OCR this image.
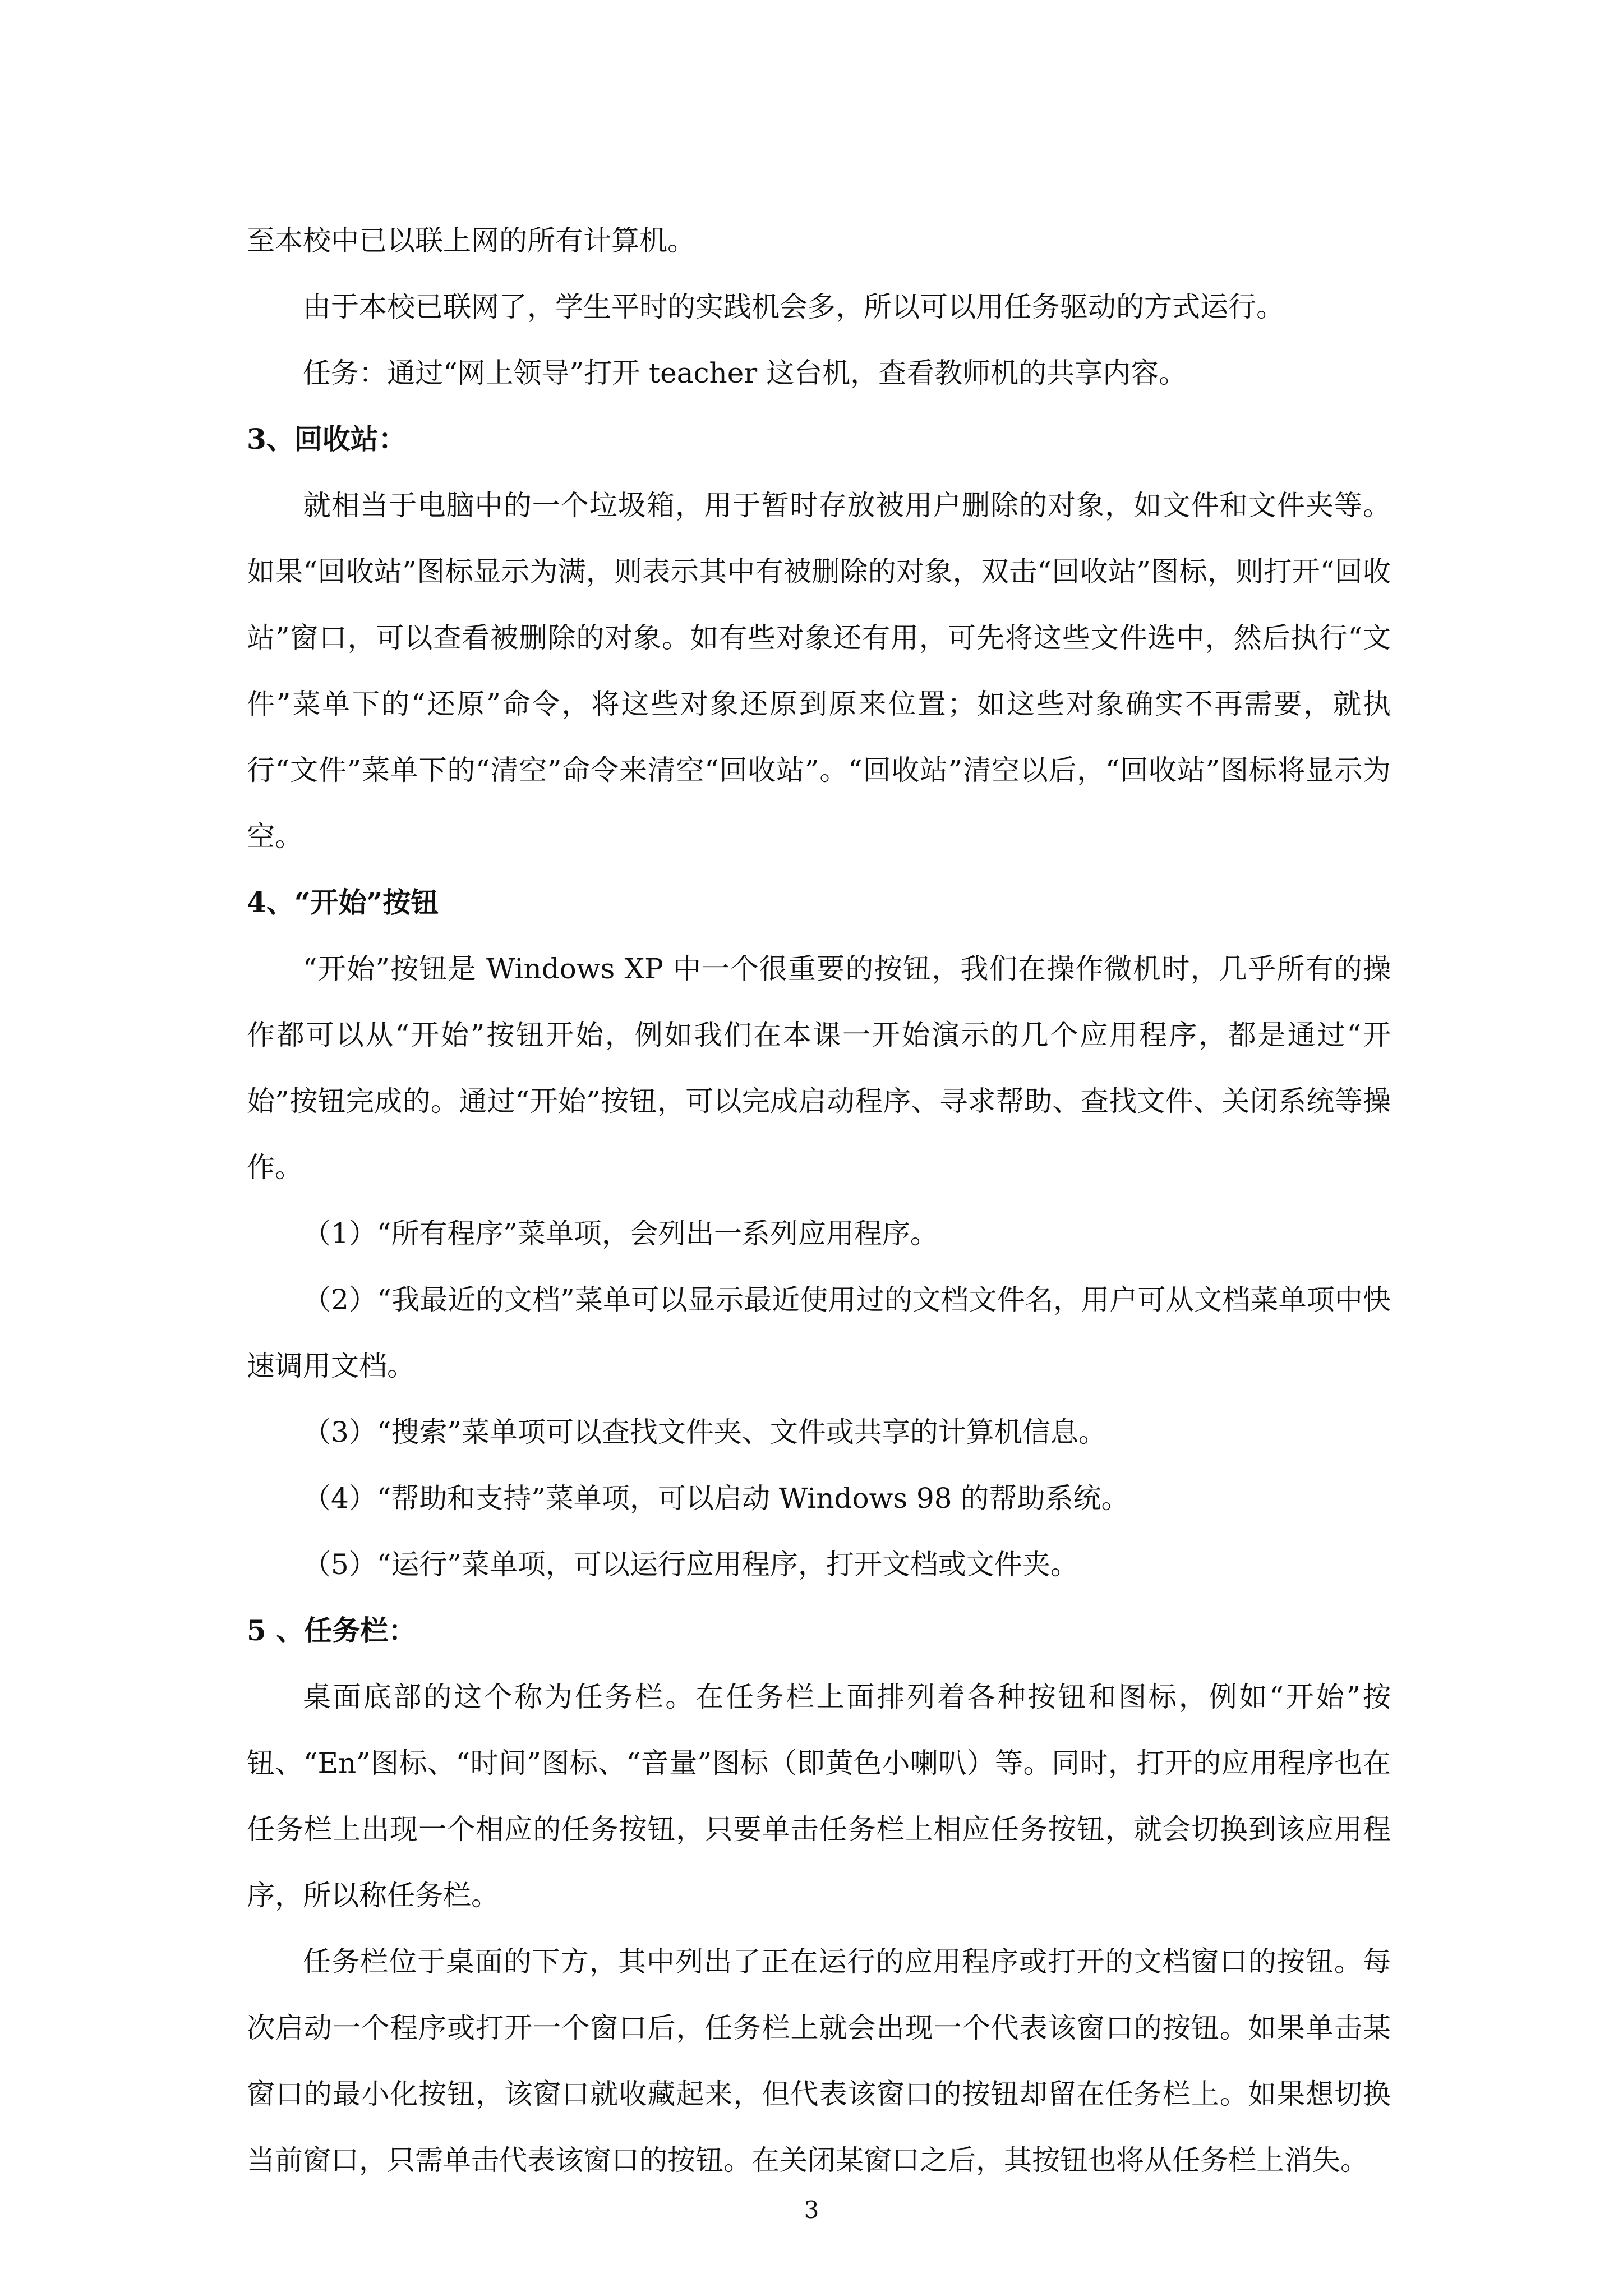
至本校中已以联上网的所有计算机。

由于本校已联网了，学生平时的实践机会多，所以可以用任务驱动的方式运行。

任务：通过“网上领导”打开 teacher 这台机，查看教师机的共享内容。

3、回收站：

就相当于电脑中的一个垃圾箱，用于暂时存放被用户删除的对象，如文件和文件夹等。如果“回收站”图标显示为满，则表示其中有被删除的对象，双击“回收站”图标，则打开“回收站”窗口，可以查看被删除的对象。如有些对象还有用，可先将这些文件选中，然后执行“文件”菜单下的“还原”命令，将这些对象还原到原来位置；如这些对象确实不再需要，就执行“文件”菜单下的“清空”命令来清空“回收站”。“回收站”清空以后，“回收站”图标将显示为空。

4、“开始”按钮

“开始”按钮是 Windows XP 中一个很重要的按钮，我们在操作微机时，几乎所有的操作都可以从“开始”按钮开始，例如我们在本课一开始演示的几个应用程序，都是通过“开始”按钮完成的。通过“开始”按钮，可以完成启动程序、寻求帮助、查找文件、关闭系统等操作。

（1）“所有程序”菜单项，会列出一系列应用程序。

（2）“我最近的文档”菜单可以显示最近使用过的文档文件名，用户可从文档菜单项中快速调用文档。

（3）“搜索”菜单项可以查找文件夹、文件或共享的计算机信息。

（4）“帮助和支持”菜单项，可以启动 Windows 98 的帮助系统。

（5）“运行”菜单项，可以运行应用程序，打开文档或文件夹。

5 、任务栏：

桌面底部的这个称为任务栏。在任务栏上面排列着各种按钮和图标，例如“开始”按钮、“En”图标、“时间”图标、“音量”图标（即黄色小喇叭）等。同时，打开的应用程序也在任务栏上出现一个相应的任务按钮，只要单击任务栏上相应任务按钮，就会切换到该应用程序，所以称任务栏。

任务栏位于桌面的下方，其中列出了正在运行的应用程序或打开的文档窗口的按钮。每次启动一个程序或打开一个窗口后，任务栏上就会出现一个代表该窗口的按钮。如果单击某窗口的最小化按钮，该窗口就收藏起来，但代表该窗口的按钮却留在任务栏上。如果想切换当前窗口，只需单击代表该窗口的按钮。在关闭某窗口之后，其按钮也将从任务栏上消失。

3
